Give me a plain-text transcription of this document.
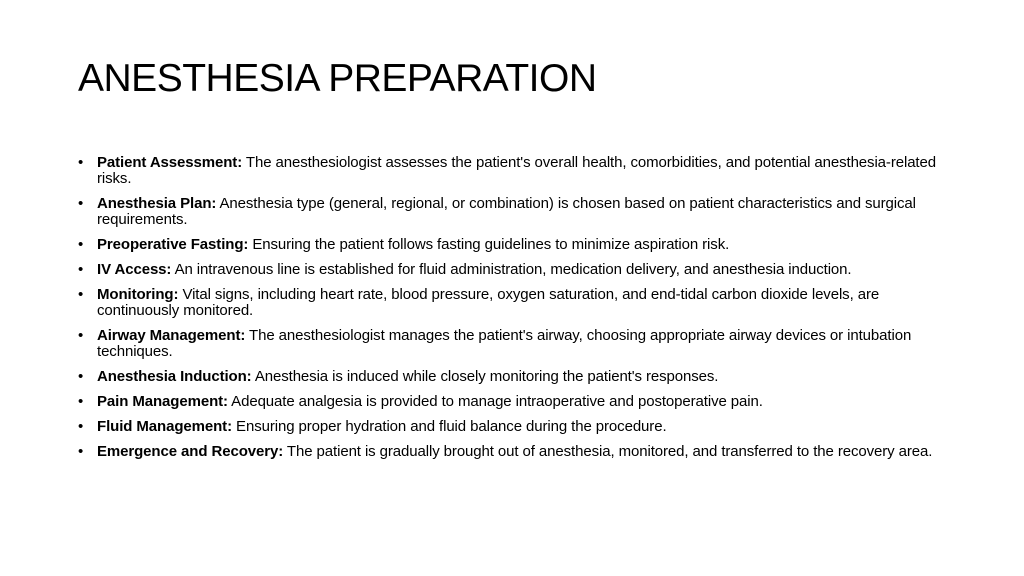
ANESTHESIA PREPARATION
• Patient Assessment: The anesthesiologist assesses the patient's overall health, comorbidities, and potential anesthesia-related risks.
• Anesthesia Plan: Anesthesia type (general, regional, or combination) is chosen based on patient characteristics and surgical requirements.
• Preoperative Fasting: Ensuring the patient follows fasting guidelines to minimize aspiration risk.
• IV Access: An intravenous line is established for fluid administration, medication delivery, and anesthesia induction.
• Monitoring: Vital signs, including heart rate, blood pressure, oxygen saturation, and end-tidal carbon dioxide levels, are continuously monitored.
• Airway Management: The anesthesiologist manages the patient's airway, choosing appropriate airway devices or intubation techniques.
• Anesthesia Induction: Anesthesia is induced while closely monitoring the patient's responses.
• Pain Management: Adequate analgesia is provided to manage intraoperative and postoperative pain.
• Fluid Management: Ensuring proper hydration and fluid balance during the procedure.
• Emergence and Recovery: The patient is gradually brought out of anesthesia, monitored, and transferred to the recovery area.
